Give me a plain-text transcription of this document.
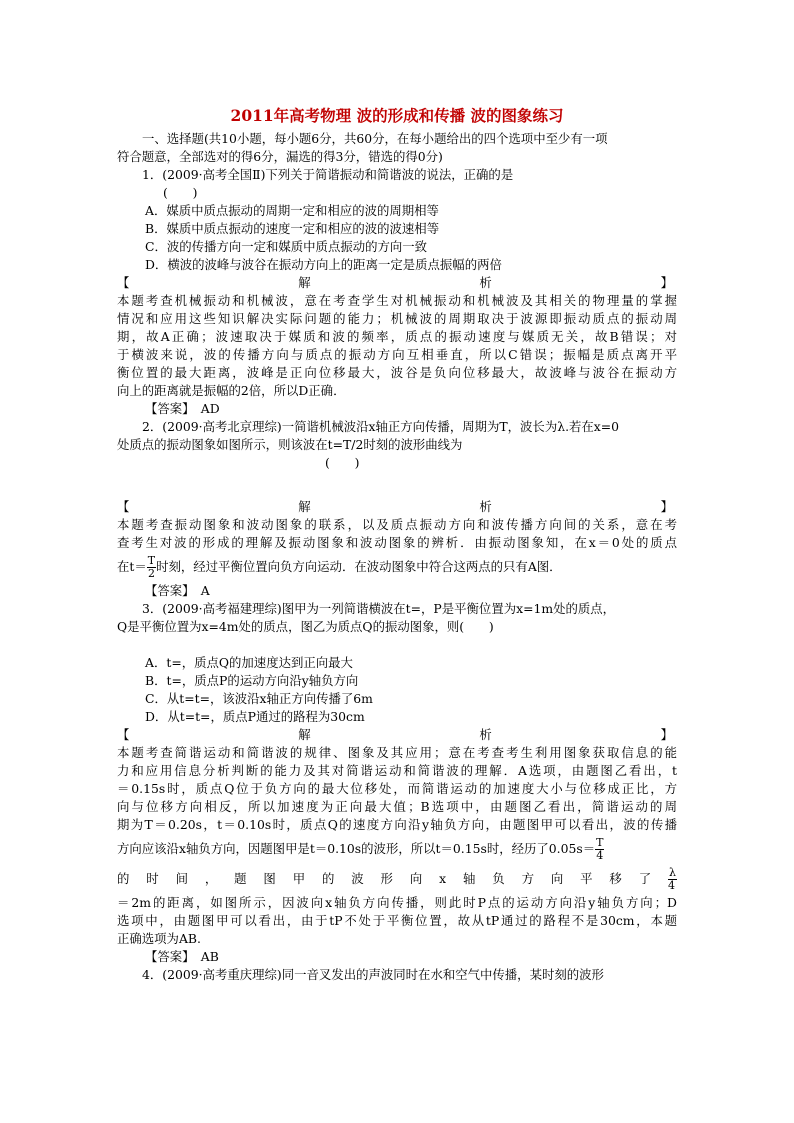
2011年高考物理 波的形成和传播 波的图象练习

一、选择题(共10小题，每小题6分，共60分，在每小题给出的四个选项中至少有一项

符合题意，全部选对的得6分，漏选的得3分，错选的得0分)

1．(2009·高考全国Ⅱ)下列关于简谐振动和简谐波的说法，正确的是

(　　)

A．媒质中质点振动的周期一定和相应的波的周期相等

B．媒质中质点振动的速度一定和相应的波的波速相等

C．波的传播方向一定和媒质中质点振动的方向一致

D．横波的波峰与波谷在振动方向上的距离一定是质点振幅的两倍

【	解	析	】

本题考查机械振动和机械波，意在考查学生对机械振动和机械波及其相关的物理量的掌握

情况和应用这些知识解决实际问题的能力；机械波的周期取决于波源即振动质点的振动周

期，故A正确；波速取决于媒质和波的频率，质点的振动速度与媒质无关，故B错误；对

于横波来说，波的传播方向与质点的振动方向互相垂直，所以C错误；振幅是质点离开平

衡位置的最大距离，波峰是正向位移最大，波谷是负向位移最大，故波峰与波谷在振动方

向上的距离就是振幅的2倍，所以D正确．

【答案】　 AD

2．(2009·高考北京理综)一简谐机械波沿x轴正方向传播，周期为T，波长为λ.若在x=0

处质点的振动图象如图所示，则该波在t=T/2时刻的波形曲线为

(　　)

【	解	析	】

本题考查振动图象和波动图象的联系，以及质点振动方向和波传播方向间的关系，意在考

查考生对波的形成的理解及振动图象和波动图象的辨析．由振动图象知，在x＝0处的质点

在$t= \frac{T}{2}$ 时刻，经过平衡位置向负方向运动．在波动图象中符合这两点的只有A图．

【答案】　 A

3．(2009·高考福建理综)图甲为一列简谐横波在t=，P是平衡位置为x=1m处的质点，

Q是平衡位置为x=4m处的质点，图乙为质点Q的振动图象，则(　　)

A．t=，质点Q的加速度达到正向最大

B．t=，质点P的运动方向沿y轴负方向

C．从t=t=，该波沿x轴正方向传播了6m

D．从t=t=，质点P通过的路程为30cm

【	解	析	】

本题考查简谐运动和简谐波的规律、图象及其应用；意在考查考生利用图象获取信息的能

力和应用信息分析判断的能力及其对简谐运动和简谐波的理解．A选项，由题图乙看出，t

＝0.15s时，质点Q位于负方向的最大位移处，而简谐运动的加速度大小与位移成正比，方

向与位移方向相反，所以加速度为正向最大值；B选项中，由题图乙看出，简谐运动的周

期为T＝0.20s，t＝0.10s时，质点Q的速度方向沿y轴负方向，由题图甲可以看出，波的传播

方向应该沿x轴负方向，因题图甲是t＝0.10s的波形，所以t＝0.15s时，经历了$0.05s= \frac{T}{4}$

的时间，题图甲的波形向x轴负方向平移了 $\frac{\lambda}{4}$

＝2m的距离，如图所示，因波向x轴负方向传播，则此时P点的运动方向沿y轴负方向；D

选项中，由题图甲可以看出，由于tP不处于平衡位置，故从tP通过的路程不是30cm，本题

正确选项为AB.

【答案】　 AB

4．(2009·高考重庆理综)同一音叉发出的声波同时在水和空气中传播，某时刻的波形
